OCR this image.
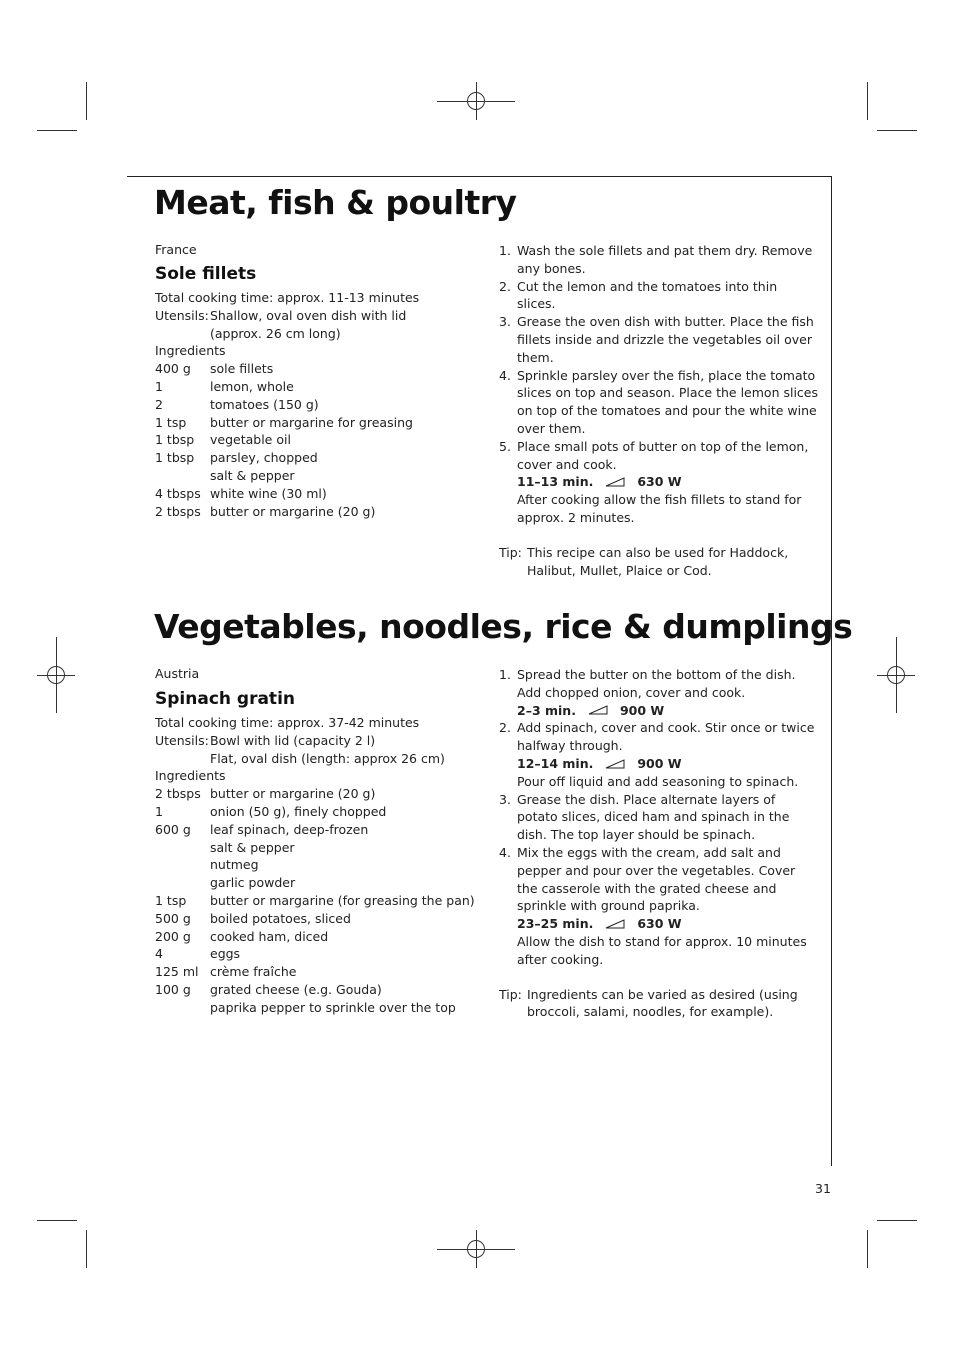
Meat, fish & poultry
France
Sole fillets
Total cooking time: approx. 11-13 minutes
Utensils: Shallow, oval oven dish with lid
(approx. 26 cm long)
Ingredients
400 g	sole fillets
1	lemon, whole
2	tomatoes (150 g)
1 tsp	butter or margarine for greasing
1 tbsp	vegetable oil
1 tbsp	parsley, chopped
salt & pepper
4 tbsps white wine (30 ml)
2 tbsps butter or margarine (20 g)
1. Wash the sole fillets and pat them dry. Remove any bones.
2. Cut the lemon and the tomatoes into thin slices.
3. Grease the oven dish with butter. Place the fish fillets inside and drizzle the vegetables oil over them.
4. Sprinkle parsley over the fish, place the tomato slices on top and season. Place the lemon slices on top of the tomatoes and pour the white wine over them.
5. Place small pots of butter on top of the lemon, cover and cook.
11–13 min.	630 W
After cooking allow the fish fillets to stand for approx. 2 minutes.
Tip: This recipe can also be used for Haddock, Halibut, Mullet, Plaice or Cod.
Vegetables, noodles, rice & dumplings
Austria
Spinach gratin
Total cooking time: approx. 37-42 minutes
Utensils: Bowl with lid (capacity 2 l)
Flat, oval dish (length: approx 26 cm)
Ingredients
2 tbsps butter or margarine (20 g)
1	onion (50 g), finely chopped
600 g	leaf spinach, deep-frozen
salt & pepper
nutmeg
garlic powder
1 tsp	butter or margarine (for greasing the pan)
500 g	boiled potatoes, sliced
200 g	cooked ham, diced
4	eggs
125 ml crème fraîche
100 g	grated cheese (e.g. Gouda)
paprika pepper to sprinkle over the top
1. Spread the butter on the bottom of the dish. Add chopped onion, cover and cook.
2–3 min.	900 W
2. Add spinach, cover and cook. Stir once or twice halfway through.
12–14 min.	900 W
Pour off liquid and add seasoning to spinach.
3. Grease the dish. Place alternate layers of potato slices, diced ham and spinach in the dish. The top layer should be spinach.
4. Mix the eggs with the cream, add salt and pepper and pour over the vegetables. Cover the casserole with the grated cheese and sprinkle with ground paprika.
23–25 min.	630 W
Allow the dish to stand for approx. 10 minutes after cooking.
Tip: Ingredients can be varied as desired (using broccoli, salami, noodles, for example).
31
